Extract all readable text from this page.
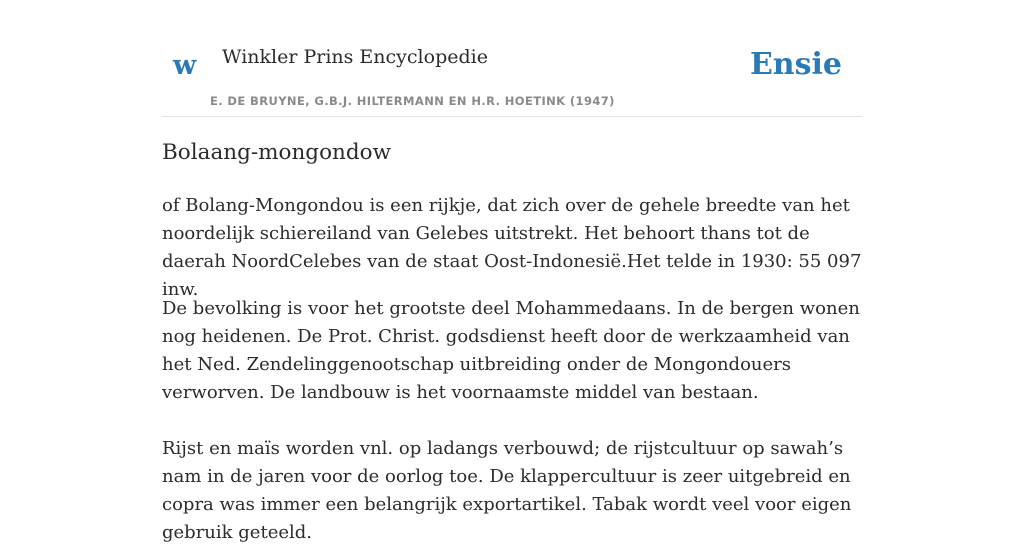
w Winkler Prins Encyclopedie
E. DE BRUYNE, G.B.J. HILTERMANN EN H.R. HOETINK (1947)
Ensie
Bolaang-mongondow

of Bolang-Mongondou is een rijkje, dat zich over de gehele breedte van het noordelijk schiereiland van Gelebes uitstrekt. Het behoort thans tot de daerah NoordCelebes van de staat Oost-Indonesië.Het telde in 1930: 55 097 inw.

De bevolking is voor het grootste deel Mohammedaans. In de bergen wonen nog heidenen. De Prot. Christ. godsdienst heeft door de werkzaamheid van het Ned. Zendelinggenootschap uitbreiding onder de Mongondouers verworven. De landbouw is het voornaamste middel van bestaan.

Rijst en maïs worden vnl. op ladangs verbouwd; de rijstcultuur op sawah’s nam in de jaren voor de oorlog toe. De klappercultuur is zeer uitgebreid en copra was immer een belangrijk exportartikel. Tabak wordt veel voor eigen gebruik geteeld.
